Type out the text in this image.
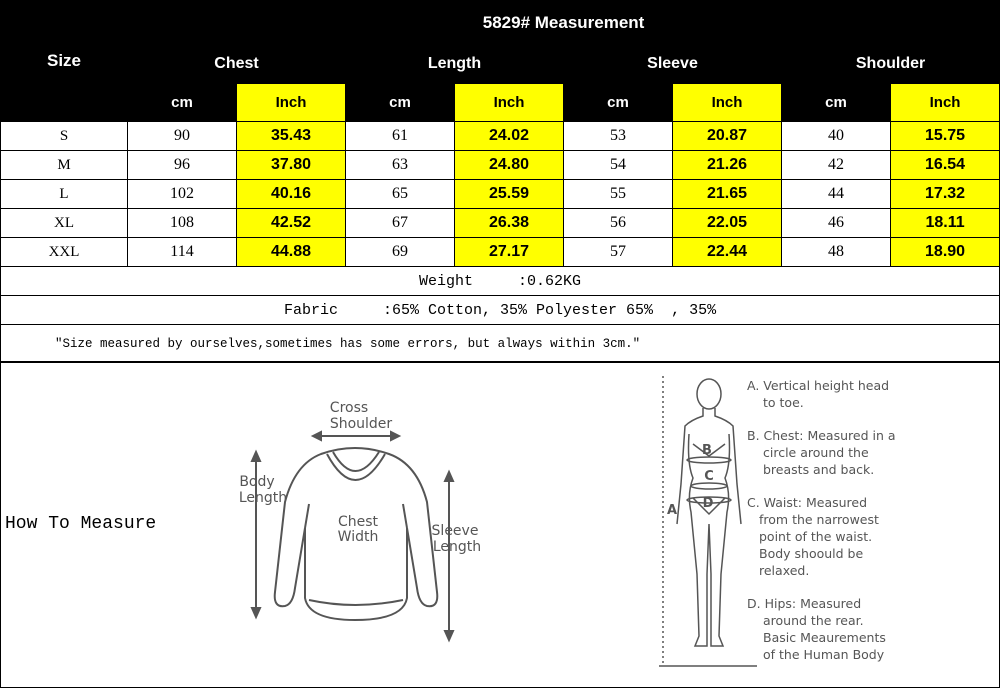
Size	5829# Measurement							
	Chest		Length		Sleeve		Shoulder	
	cm	Inch	cm	Inch	cm	Inch	cm	Inch
S	90	35.43	61	24.02	53	20.87	40	15.75
M	96	37.80	63	24.80	54	21.26	42	16.54
L	102	40.16	65	25.59	55	21.65	44	17.32
XL	108	42.52	67	26.38	56	22.05	46	18.11
XXL	114	44.88	69	27.17	57	22.44	48	18.90
Weight     :0.62KG								
Fabric     :65% Cotton, 35% Polyester 65%  , 35%								
"Size measured by ourselves,sometimes has some errors, but always within 3cm."								
How To Measure
Cross
Shoulder
Body
Length
Chest
Width	Sleeve
Length
B
C
D
A
A. Vertical height head
to toe.
B. Chest: Measured in a
circle around the
breasts and back.
C. Waist: Measured
from the narrowest
point of the waist.
Body shoould be
relaxed.
D. Hips: Measured
around the rear.
Basic Meaurements
of the Human Body
